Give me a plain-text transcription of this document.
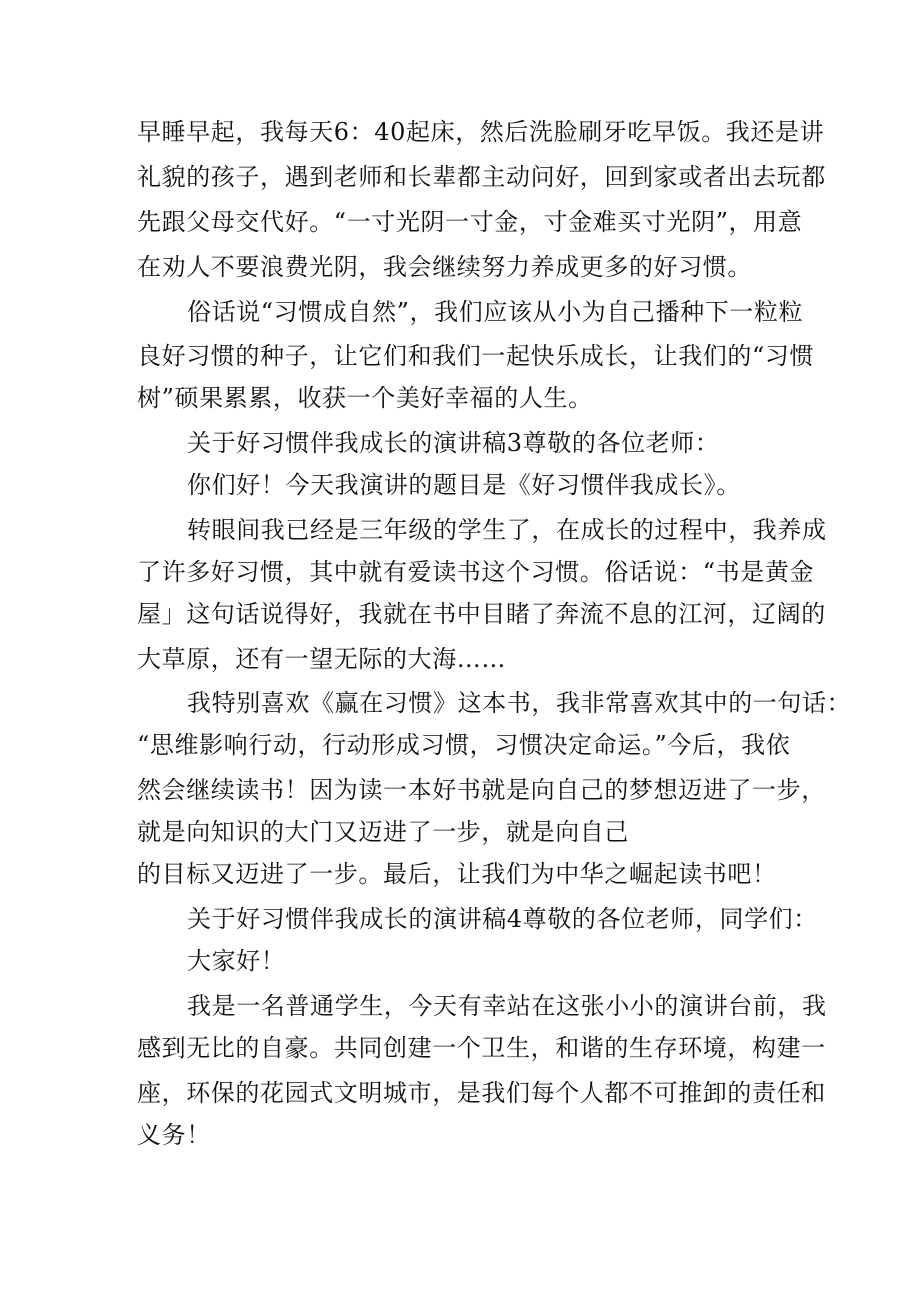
早睡早起，我每天6：40起床，然后洗脸刷牙吃早饭。我还是讲
礼貌的孩子，遇到老师和长辈都主动问好，回到家或者出去玩都
先跟父母交代好。“一寸光阴一寸金，寸金难买寸光阴”，用意
在劝人不要浪费光阴，我会继续努力养成更多的好习惯。
俗话说“习惯成自然”，我们应该从小为自己播种下一粒粒
良好习惯的种子，让它们和我们一起快乐成长，让我们的“习惯
树”硕果累累，收获一个美好幸福的人生。
关于好习惯伴我成长的演讲稿3尊敬的各位老师：
你们好！今天我演讲的题目是《好习惯伴我成长》。
转眼间我已经是三年级的学生了，在成长的过程中，我养成
了许多好习惯，其中就有爱读书这个习惯。俗话说：“书是黄金
屋」这句话说得好，我就在书中目睹了奔流不息的江河，辽阔的
大草原，还有一望无际的大海……
我特别喜欢《赢在习惯》这本书，我非常喜欢其中的一句话：
“思维影响行动，行动形成习惯，习惯决定命运。”今后，我依
然会继续读书！因为读一本好书就是向自己的梦想迈进了一步，
就是向知识的大门又迈进了一步，就是向自己
的目标又迈进了一步。最后，让我们为中华之崛起读书吧！
关于好习惯伴我成长的演讲稿4尊敬的各位老师，同学们：
大家好！
我是一名普通学生，今天有幸站在这张小小的演讲台前，我
感到无比的自豪。共同创建一个卫生，和谐的生存环境，构建一
座，环保的花园式文明城市，是我们每个人都不可推卸的责任和
义务！
